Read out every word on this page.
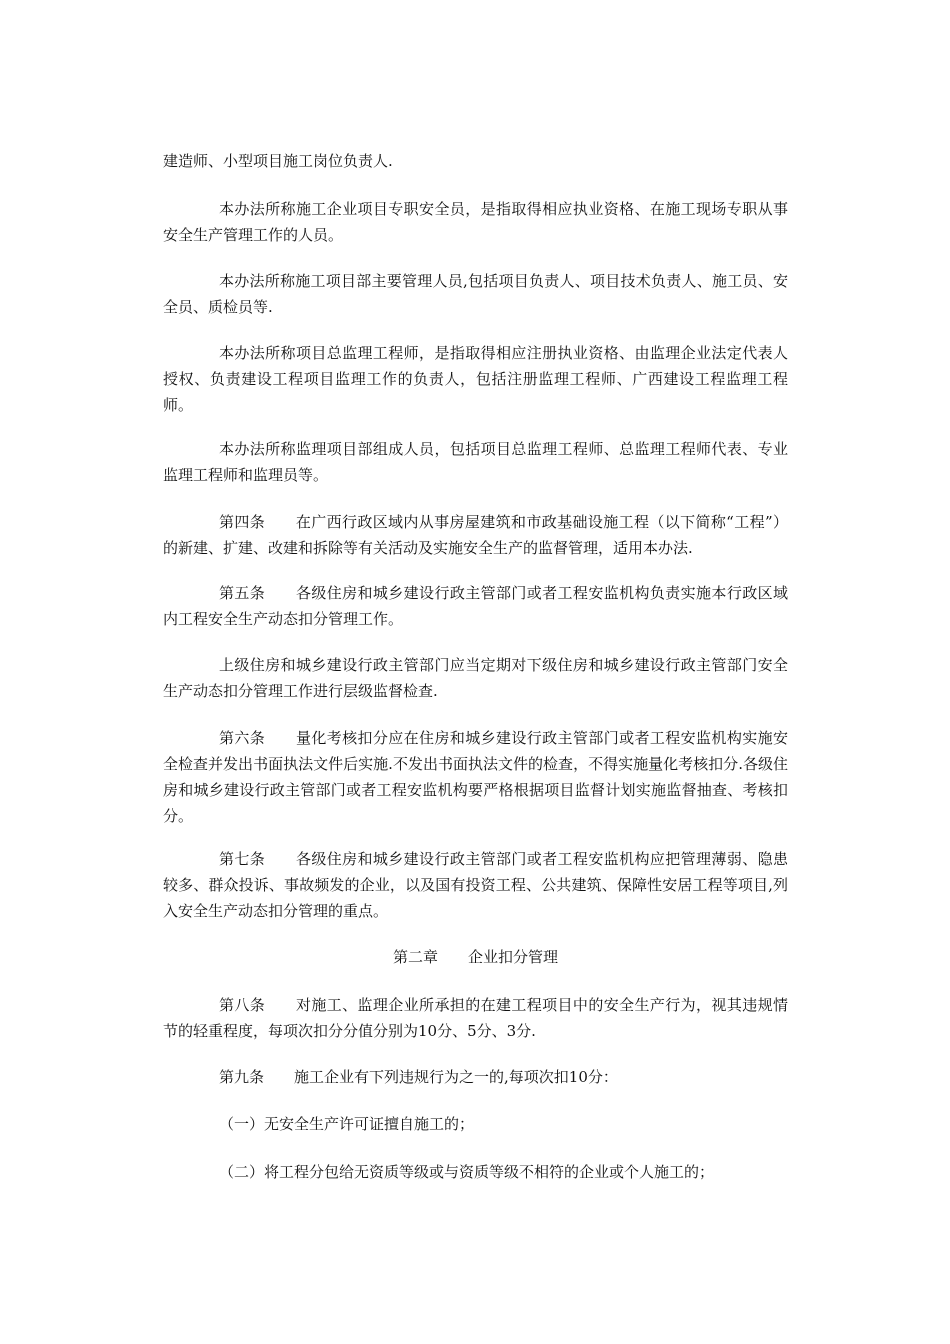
建造师、小型项目施工岗位负责人.

本办法所称施工企业项目专职安全员，是指取得相应执业资格、在施工现场专职从事安全生产管理工作的人员。

本办法所称施工项目部主要管理人员,包括项目负责人、项目技术负责人、施工员、安全员、质检员等.

本办法所称项目总监理工程师，是指取得相应注册执业资格、由监理企业法定代表人授权、负责建设工程项目监理工作的负责人，包括注册监理工程师、广西建设工程监理工程师。

本办法所称监理项目部组成人员，包括项目总监理工程师、总监理工程师代表、专业监理工程师和监理员等。

第四条　　在广西行政区域内从事房屋建筑和市政基础设施工程（以下简称“工程”）的新建、扩建、改建和拆除等有关活动及实施安全生产的监督管理，适用本办法.

第五条　　各级住房和城乡建设行政主管部门或者工程安监机构负责实施本行政区域内工程安全生产动态扣分管理工作。

上级住房和城乡建设行政主管部门应当定期对下级住房和城乡建设行政主管部门安全生产动态扣分管理工作进行层级监督检查.

第六条　　量化考核扣分应在住房和城乡建设行政主管部门或者工程安监机构实施安全检查并发出书面执法文件后实施.不发出书面执法文件的检查，不得实施量化考核扣分.各级住房和城乡建设行政主管部门或者工程安监机构要严格根据项目监督计划实施监督抽查、考核扣分。

第七条　　各级住房和城乡建设行政主管部门或者工程安监机构应把管理薄弱、隐患较多、群众投诉、事故频发的企业，以及国有投资工程、公共建筑、保障性安居工程等项目,列入安全生产动态扣分管理的重点。

第二章　　企业扣分管理

第八条　　对施工、监理企业所承担的在建工程项目中的安全生产行为，视其违规情节的轻重程度，每项次扣分分值分别为10分、5分、3分.

第九条　　施工企业有下列违规行为之一的,每项次扣10分：

（一）无安全生产许可证擅自施工的；

（二）将工程分包给无资质等级或与资质等级不相符的企业或个人施工的；
